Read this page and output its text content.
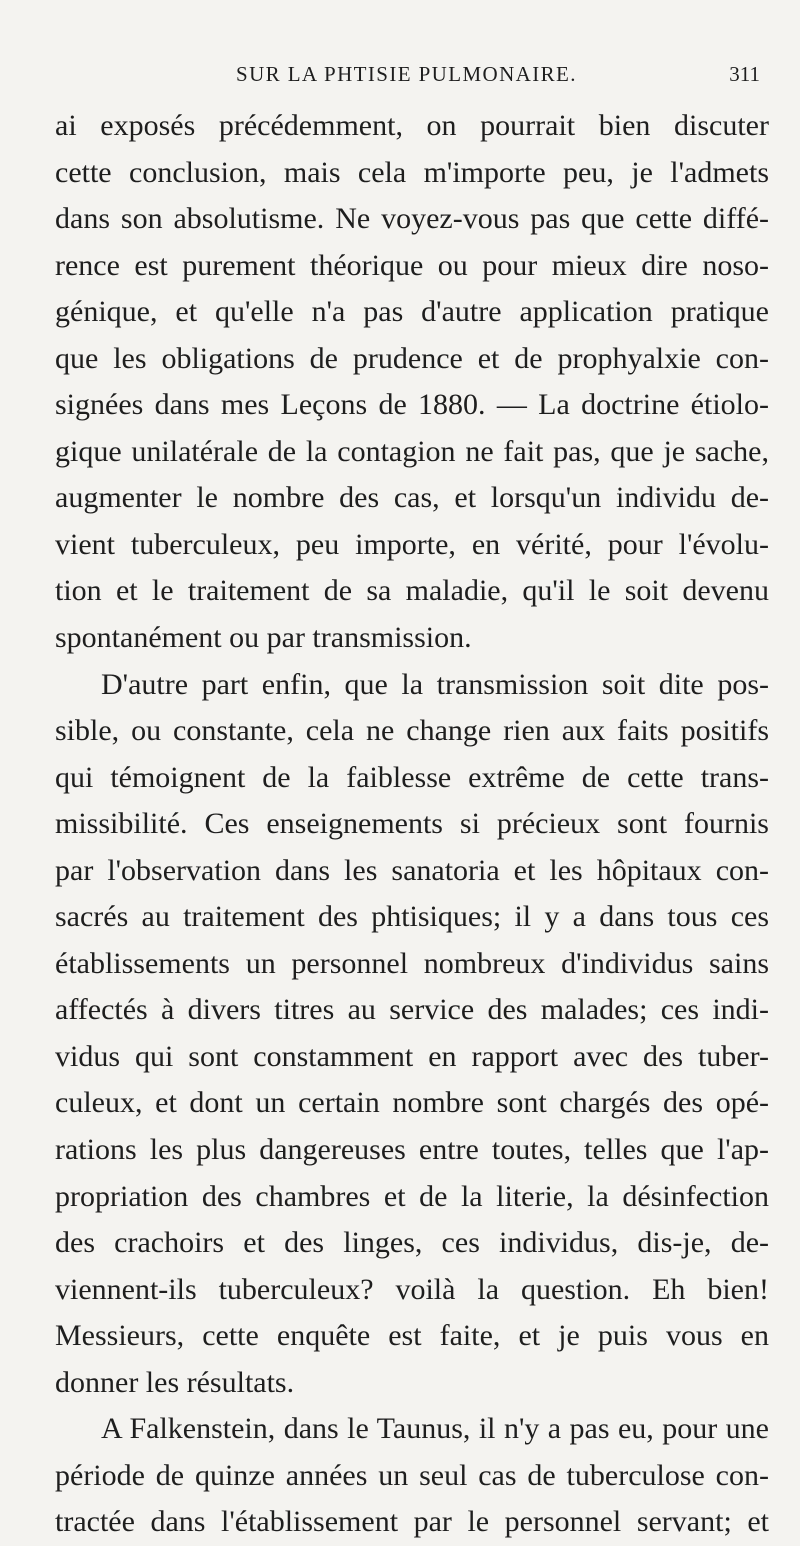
SUR LA PHTISIE PULMONAIRE.	311
ai exposés précédemment, on pourrait bien discuter
cette conclusion, mais cela m'importe peu, je l'admets
dans son absolutisme. Ne voyez-vous pas que cette diffé-
rence est purement théorique ou pour mieux dire noso-
génique, et qu'elle n'a pas d'autre application pratique
que les obligations de prudence et de prophyalxie con-
signées dans mes Leçons de 1880. — La doctrine étiolo-
gique unilatérale de la contagion ne fait pas, que je sache,
augmenter le nombre des cas, et lorsqu'un individu de-
vient tuberculeux, peu importe, en vérité, pour l'évolu-
tion et le traitement de sa maladie, qu'il le soit devenu
spontanément ou par transmission.
D'autre part enfin, que la transmission soit dite pos-
sible, ou constante, cela ne change rien aux faits positifs
qui témoignent de la faiblesse extrême de cette trans-
missibilité. Ces enseignements si précieux sont fournis
par l'observation dans les sanatoria et les hôpitaux con-
sacrés au traitement des phtisiques; il y a dans tous ces
établissements un personnel nombreux d'individus sains
affectés à divers titres au service des malades; ces indi-
vidus qui sont constamment en rapport avec des tuber-
culeux, et dont un certain nombre sont chargés des opé-
rations les plus dangereuses entre toutes, telles que l'ap-
propriation des chambres et de la literie, la désinfection
des crachoirs et des linges, ces individus, dis-je, de-
viennent-ils tuberculeux? voilà la question. Eh bien!
Messieurs, cette enquête est faite, et je puis vous en
donner les résultats.
A Falkenstein, dans le Taunus, il n'y a pas eu, pour une
période de quinze années un seul cas de tuberculose con-
tractée dans l'établissement par le personnel servant; et
